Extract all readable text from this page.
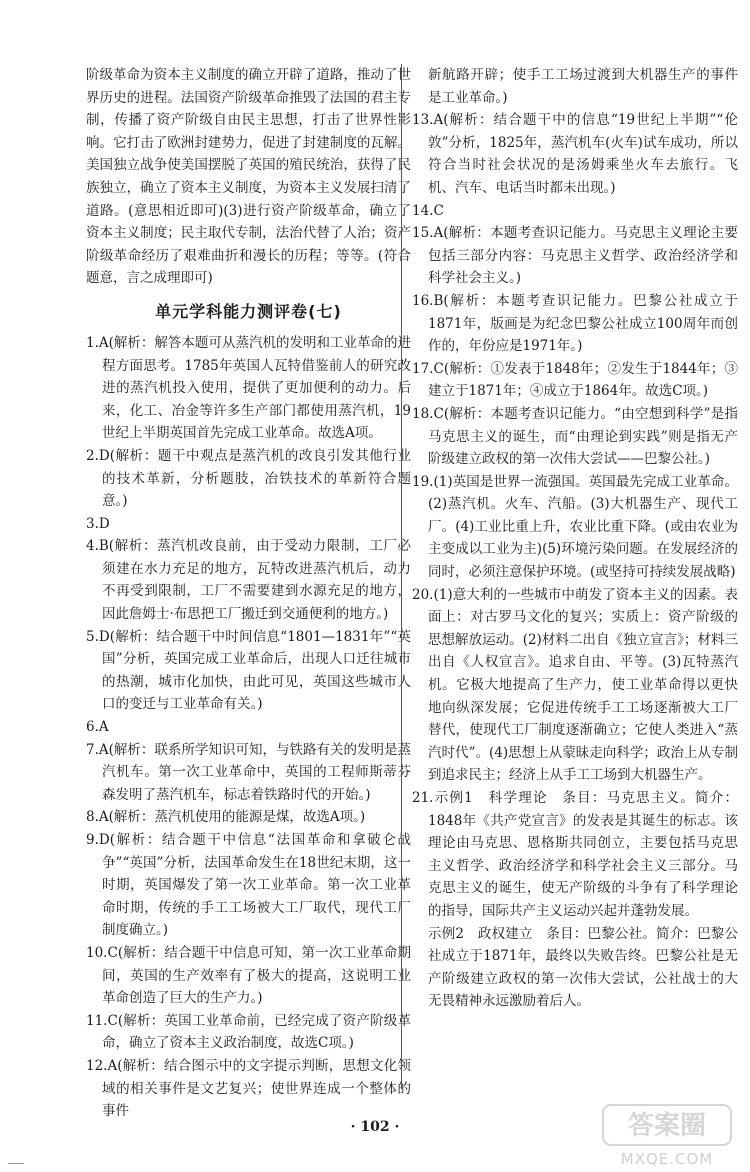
阶级革命为资本主义制度的确立开辟了道路，推动了世界历史的进程。法国资产阶级革命推毁了法国的君主专制，传播了资产阶级自由民主思想，打击了世界性影响。它打击了欧洲封建势力，促进了封建制度的瓦解。美国独立战争使美国摆脱了英国的殖民统治，获得了民族独立，确立了资本主义制度，为资本主义发展扫清了道路。(意思相近即可)(3)进行资产阶级革命，确立了资本主义制度；民主取代专制，法治代替了人治；资产阶级革命经历了艰难曲折和漫长的历程；等等。(符合题意，言之成理即可)

单元学科能力测评卷(七)

1.A(解析：解答本题可从蒸汽机的发明和工业革命的进程方面思考。1785年英国人瓦特借鉴前人的研究改进的蒸汽机投入使用，提供了更加便利的动力。后来，化工、冶金等许多生产部门都使用蒸汽机，19世纪上半期英国首先完成工业革命。故选A项。

2.D(解析：题干中观点是蒸汽机的改良引发其他行业的技术革新，分析题肢，冶铁技术的革新符合题意。)

3.D

4.B(解析：蒸汽机改良前，由于受动力限制，工厂必须建在水力充足的地方，瓦特改进蒸汽机后，动力不再受到限制，工厂不需要建到水源充足的地方，因此詹姆士·布思把工厂搬迁到交通便利的地方。)

5.D(解析：结合题干中时间信息“1801—1831年”“英国”分析，英国完成工业革命后，出现人口迁往城市的热潮，城市化加快，由此可见，英国这些城市人口的变迁与工业革命有关。)

6.A

7.A(解析：联系所学知识可知，与铁路有关的发明是蒸汽机车。第一次工业革命中，英国的工程师斯蒂芬森发明了蒸汽机车，标志着铁路时代的开始。)

8.A(解析：蒸汽机使用的能源是煤，故选A项。)

9.D(解析：结合题干中信息“法国革命和拿破仑战争”“英国”分析，法国革命发生在18世纪末期，这一时期，英国爆发了第一次工业革命。第一次工业革命时期，传统的手工工场被大工厂取代，现代工厂制度确立。)

10.C(解析：结合题干中信息可知，第一次工业革命期间，英国的生产效率有了极大的提高，这说明工业革命创造了巨大的生产力。)

11.C(解析：英国工业革命前，已经完成了资产阶级革命，确立了资本主义政治制度，故选C项。)

12.A(解析：结合图示中的文字提示判断，思想文化领域的相关事件是文艺复兴；使世界连成一个整体的事件

新航路开辟；使手工工场过渡到大机器生产的事件是工业革命。)

13.A(解析：结合题干中的信息“19世纪上半期”“伦敦”分析，1825年，蒸汽机车(火车)试车成功，所以符合当时社会状况的是汤姆乘坐火车去旅行。飞机、汽车、电话当时都未出现。)

14.C

15.A(解析：本题考查识记能力。马克思主义理论主要包括三部分内容：马克思主义哲学、政治经济学和科学社会主义。)

16.B(解析：本题考查识记能力。巴黎公社成立于1871年，版画是为纪念巴黎公社成立100周年而创作的，年份应是1971年。)

17.C(解析：①发表于1848年；②发生于1844年；③建立于1871年；④成立于1864年。故选C项。)

18.C(解析：本题考查识记能力。“由空想到科学”是指马克思主义的诞生，而“由理论到实践”则是指无产阶级建立政权的第一次伟大尝试——巴黎公社。)

19.(1)英国是世界一流强国。英国最先完成工业革命。(2)蒸汽机。火车、汽船。(3)大机器生产、现代工厂。(4)工业比重上升，农业比重下降。(或由农业为主变成以工业为主)(5)环境污染问题。在发展经济的同时，必须注意保护环境。(或坚持可持续发展战略)

20.(1)意大利的一些城市中萌发了资本主义的因素。表面上：对古罗马文化的复兴；实质上：资产阶级的思想解放运动。(2)材料二出自《独立宣言》；材料三出自《人权宣言》。追求自由、平等。(3)瓦特蒸汽机。它极大地提高了生产力，使工业革命得以更快地向纵深发展；它促进传统手工工场逐渐被大工厂替代，使现代工厂制度逐渐确立；它使人类进入“蒸汽时代”。(4)思想上从蒙昧走向科学；政治上从专制到追求民主；经济上从手工工场到大机器生产。

21.示例1　科学理论　条目：马克思主义。简介：1848年《共产党宣言》的发表是其诞生的标志。该理论由马克思、恩格斯共同创立，主要包括马克思主义哲学、政治经济学和科学社会主义三部分。马克思主义的诞生，使无产阶级的斗争有了科学理论的指导，国际共产主义运动兴起并蓬勃发展。

示例2　政权建立　条目：巴黎公社。简介：巴黎公社成立于1871年，最终以失败告终。巴黎公社是无产阶级建立政权的第一次伟大尝试，公社战士的大无畏精神永远激励着后人。

· 102 ·	答案圈
MXQE.COM
